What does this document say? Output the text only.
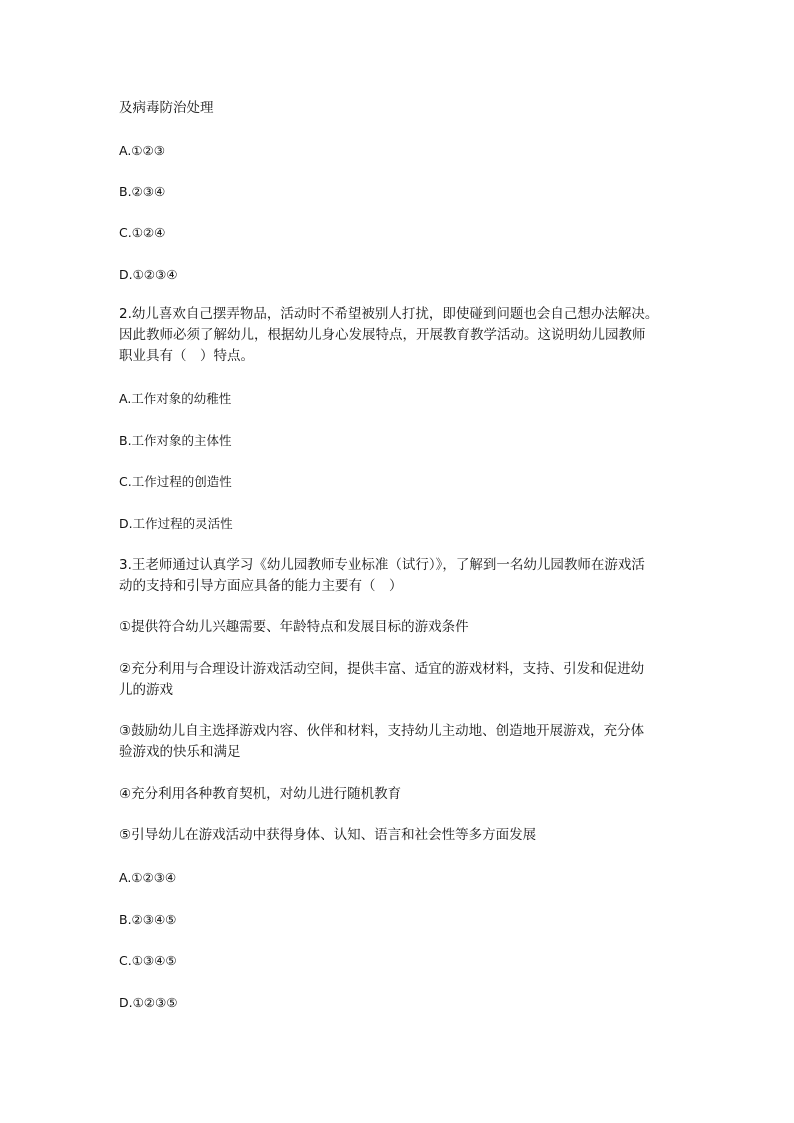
及病毒防治处理
A.①②③
B.②③④
C.①②④
D.①②③④
2.幼儿喜欢自己摆弄物品，活动时不希望被别人打扰，即使碰到问题也会自己想办法解决。
因此教师必须了解幼儿，根据幼儿身心发展特点，开展教育教学活动。这说明幼儿园教师
职业具有（　）特点。
A.工作对象的幼稚性
B.工作对象的主体性
C.工作过程的创造性
D.工作过程的灵活性
3.王老师通过认真学习《幼儿园教师专业标准（试行）》，了解到一名幼儿园教师在游戏活
动的支持和引导方面应具备的能力主要有（　）
①提供符合幼儿兴趣需要、年龄特点和发展目标的游戏条件
②充分利用与合理设计游戏活动空间，提供丰富、适宜的游戏材料，支持、引发和促进幼
儿的游戏
③鼓励幼儿自主选择游戏内容、伙伴和材料，支持幼儿主动地、创造地开展游戏，充分体
验游戏的快乐和满足
④充分利用各种教育契机，对幼儿进行随机教育
⑤引导幼儿在游戏活动中获得身体、认知、语言和社会性等多方面发展
A.①②③④
B.②③④⑤
C.①③④⑤
D.①②③⑤
